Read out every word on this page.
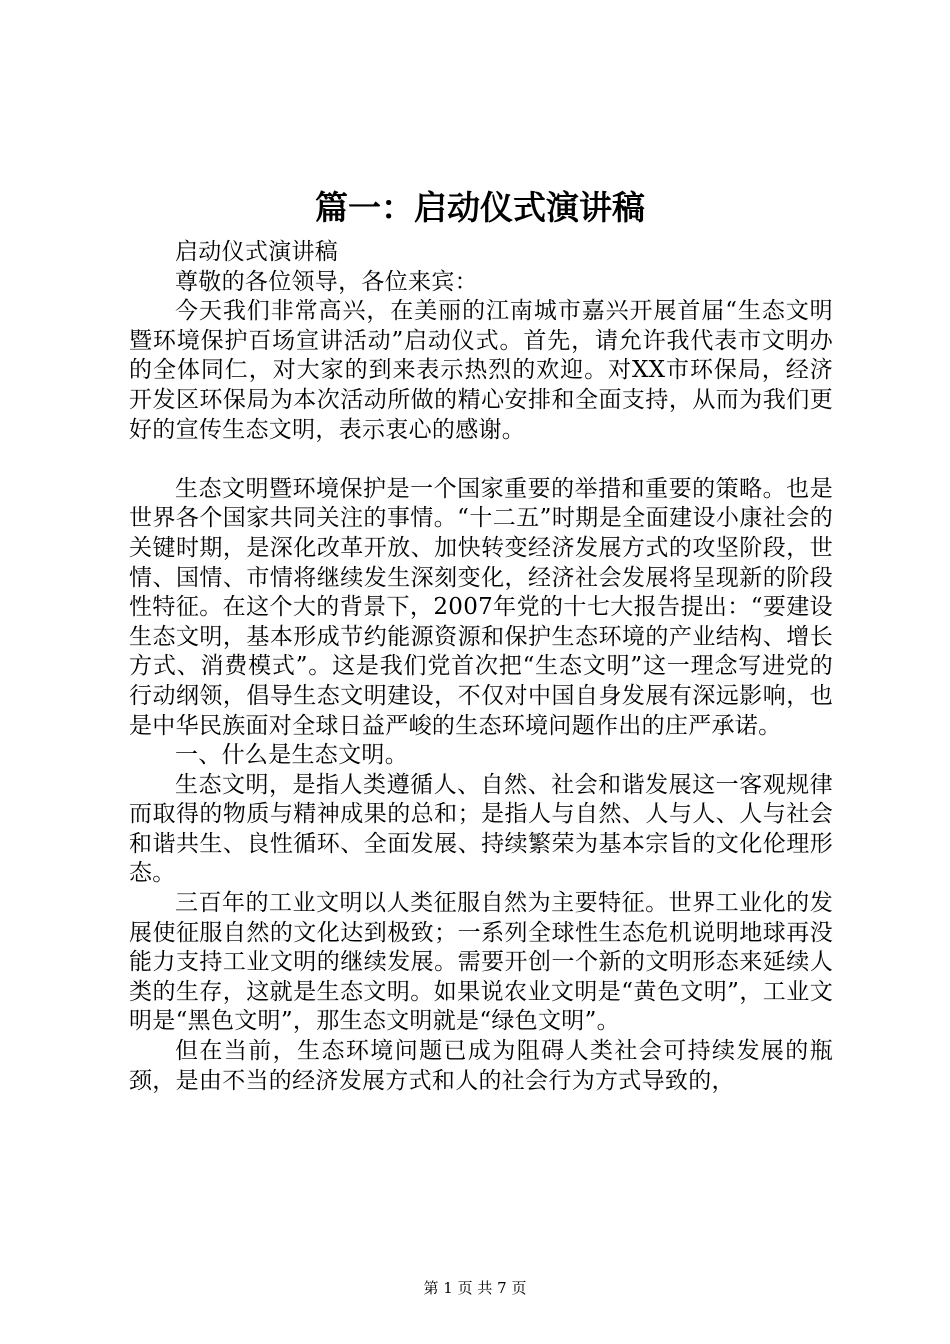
篇一：启动仪式演讲稿

启动仪式演讲稿

尊敬的各位领导，各位来宾：

今天我们非常高兴，在美丽的江南城市嘉兴开展首届“生态文明暨环境保护百场宣讲活动”启动仪式。首先，请允许我代表市文明办的全体同仁，对大家的到来表示热烈的欢迎。对XX市环保局，经济开发区环保局为本次活动所做的精心安排和全面支持，从而为我们更好的宣传生态文明，表示衷心的感谢。

生态文明暨环境保护是一个国家重要的举措和重要的策略。也是世界各个国家共同关注的事情。“十二五”时期是全面建设小康社会的关键时期，是深化改革开放、加快转变经济发展方式的攻坚阶段，世情、国情、市情将继续发生深刻变化，经济社会发展将呈现新的阶段性特征。在这个大的背景下，2007年党的十七大报告提出：“要建设生态文明，基本形成节约能源资源和保护生态环境的产业结构、增长方式、消费模式”。这是我们党首次把“生态文明”这一理念写进党的行动纲领，倡导生态文明建设，不仅对中国自身发展有深远影响，也是中华民族面对全球日益严峻的生态环境问题作出的庄严承诺。

一、什么是生态文明。

生态文明，是指人类遵循人、自然、社会和谐发展这一客观规律而取得的物质与精神成果的总和；是指人与自然、人与人、人与社会和谐共生、良性循环、全面发展、持续繁荣为基本宗旨的文化伦理形态。

三百年的工业文明以人类征服自然为主要特征。世界工业化的发展使征服自然的文化达到极致；一系列全球性生态危机说明地球再没能力支持工业文明的继续发展。需要开创一个新的文明形态来延续人类的生存，这就是生态文明。如果说农业文明是“黄色文明”，工业文明是“黑色文明”，那生态文明就是“绿色文明”。

但在当前，生态环境问题已成为阻碍人类社会可持续发展的瓶颈，是由不当的经济发展方式和人的社会行为方式导致的，

第 1 页 共 7 页
